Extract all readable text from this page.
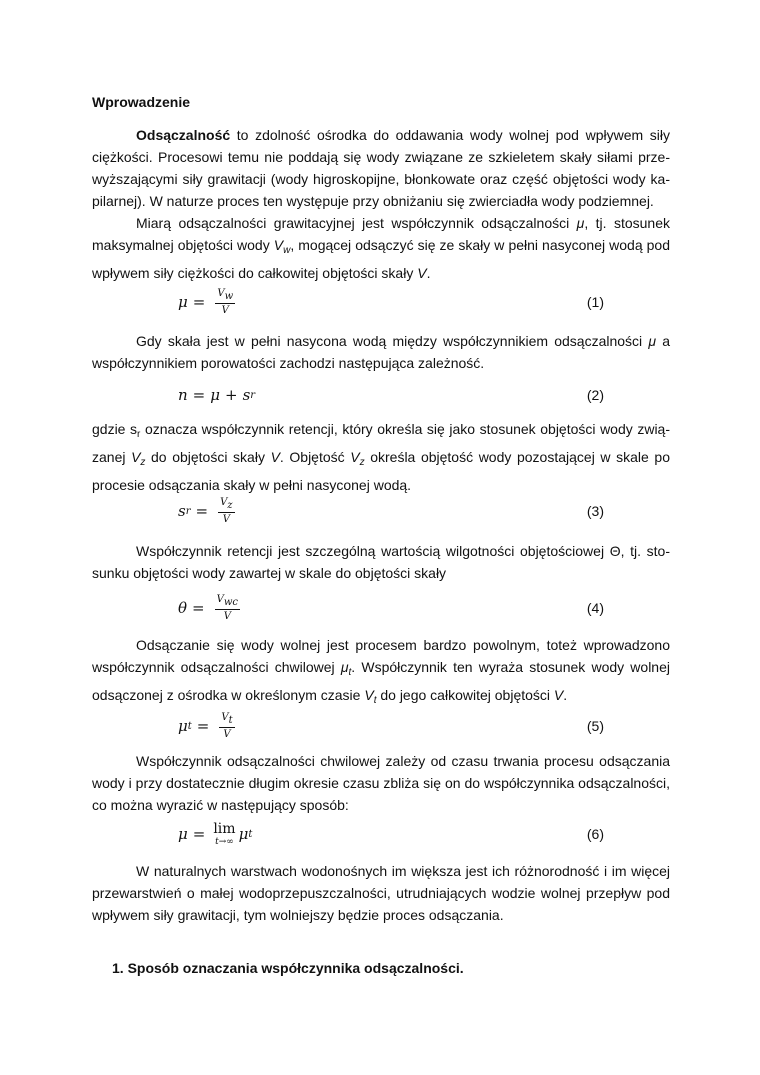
Wprowadzenie

Odsączalność to zdolność ośrodka do oddawania wody wolnej pod wpływem siły ciężkości. Procesowi temu nie poddają się wody związane ze szkieletem skały siłami przewyższającymi siły grawitacji (wody higroskopijne, błonkowate oraz część objętości wody kapilarnej). W naturze proces ten występuje przy obniżaniu się zwierciadła wody podziemnej.

Miarą odsączalności grawitacyjnej jest współczynnik odsączalności μ, tj. stosunek maksymalnej objętości wody $V_w$, mogącej odsączyć się ze skały w pełni nasyconej wodą pod wpływem siły ciężkości do całkowitej objętości skały V.

$\mu = \frac{V_w}{V}$	(1)

Gdy skała jest w pełni nasycona wodą między współczynnikiem odsączalności μ a współczynnikiem porowatości zachodzi następująca zależność.

n = μ + s r	(2)

gdzie $s_r$ oznacza współczynnik retencji, który określa się jako stosunek objętości wody związanej $V_z$ do objętości skały V. Objętość $V_z$ określa objętość wody pozostającej w skale po procesie odsączania skały w pełni nasyconej wodą.

s $r = \frac{V_z}{V}$	(3)

Współczynnik retencji jest szczególną wartością wilgotności objętościowej Θ, tj. stosunku objętości wody zawartej w skale do objętości skały

$\theta = \frac{V_{wc}}{V}$	(4)

Odsączanie się wody wolnej jest procesem bardzo powolnym, toteż wprowadzono współczynnik odsączalności chwilowej $\mu_t$. Współczynnik ten wyraża stosunek wody wolnej odsączonej z ośrodka w określonym czasie $V_t$ do jego całkowitej objętości V.

μ $t = \frac{V_t}{V}$	(5)

Współczynnik odsączalności chwilowej zależy od czasu trwania procesu odsączania wody i przy dostatecznie długim okresie czasu zbliża się on do współczynnika odsączalności, co można wyrazić w następujący sposób:

μ = lim
t→∞ μ t	(6)

W naturalnych warstwach wodonośnych im większa jest ich różnorodność i im więcej przewarstwień o małej wodoprzepuszczalności, utrudniających wodzie wolnej przepływ pod wpływem siły grawitacji, tym wolniejszy będzie proces odsączania.

1. Sposób oznaczania współczynnika odsączalności.
